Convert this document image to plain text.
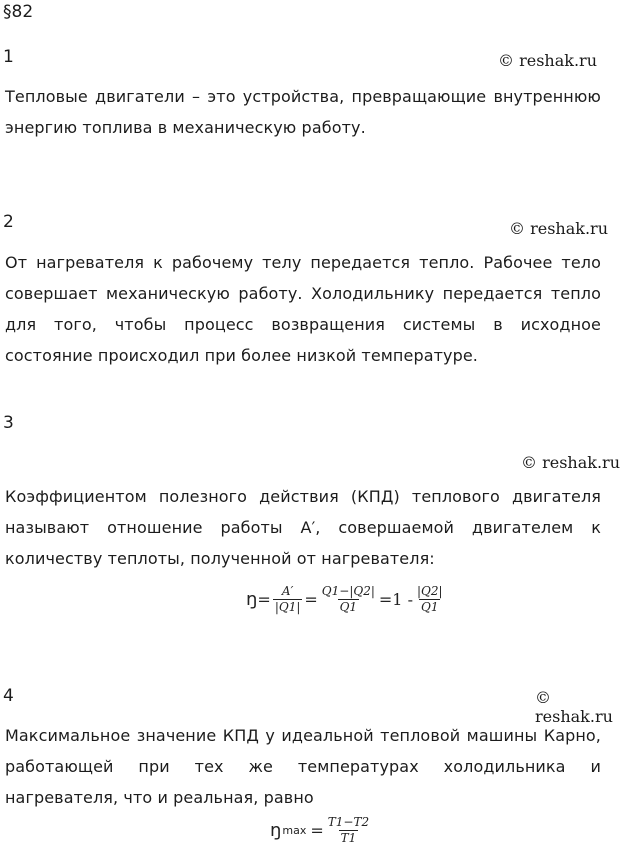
§82
1	© reshak.ru
Тепловые двигатели – это устройства, превращающие внутреннюю энергию топлива в механическую работу.
2	© reshak.ru
От нагревателя к рабочему телу передается тепло. Рабочее тело совершает механическую работу. Холодильнику передается тепло для того, чтобы процесс возвращения системы в исходное состояние происходил при более низкой температуре.
3
© reshak.ru
Коэффициентом полезного действия (КПД) теплового двигателя называют отношение работы А′, совершаемой двигателем к количеству теплоты, полученной от нагревателя:
ŋ = $\frac{A'}{|Q1|} = \frac{Q1-|Q2|}{Q1} =1 - \frac{|Q2|}{Q1}$
4	© reshak.ru
Максимальное значение КПД у идеальной тепловой машины Карно, работающей при тех же температурах холодильника и нагревателя, что и реальная, равно
ŋ $\max = \frac{T1-T2}{T1}$
